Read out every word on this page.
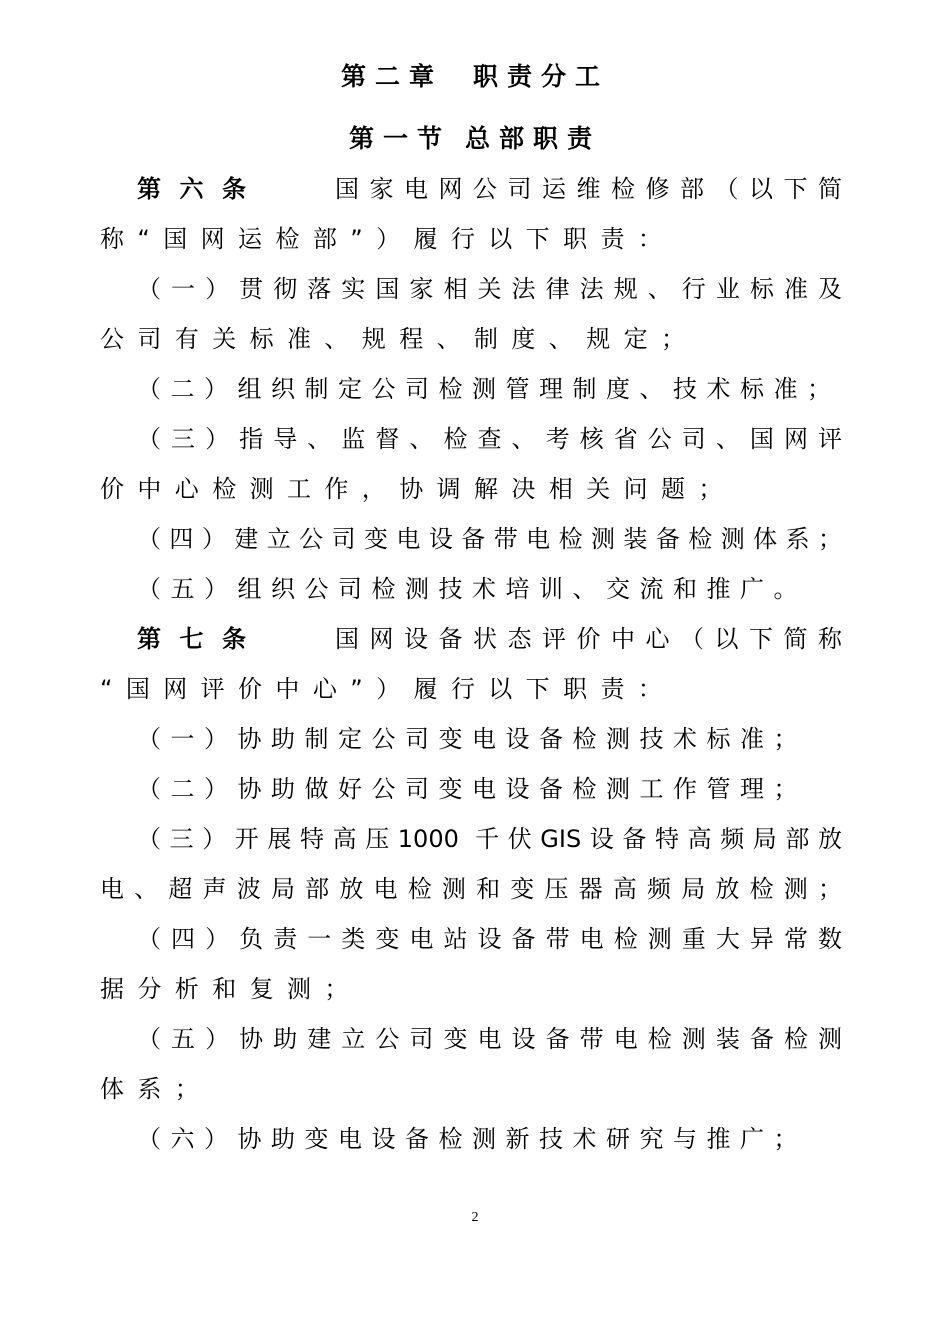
第二章 职责分工
第一节 总部职责
第六条	国家电网公司运维检修部（以下简
称“国网运检部”）履行以下职责：
（一）贯彻落实国家相关法律法规、行业标准及
公司有关标准、规程、制度、规定；
（二）组织制定公司检测管理制度、技术标准；
（三）指导、监督、检查、考核省公司、国网评
价中心检测工作，协调解决相关问题；
（四）建立公司变电设备带电检测装备检测体系；
（五）组织公司检测技术培训、交流和推广。
第七条	国网设备状态评价中心（以下简称
“国网评价中心”）履行以下职责：
（一）协助制定公司变电设备检测技术标准；
（二）协助做好公司变电设备检测工作管理；
（三）开展特高压1000 千伏GIS设备特高频局部放
电、超声波局部放电检测和变压器高频局放检测；
（四）负责一类变电站设备带电检测重大异常数
据分析和复测；
（五）协助建立公司变电设备带电检测装备检测
体系；
（六）协助变电设备检测新技术研究与推广；
2
